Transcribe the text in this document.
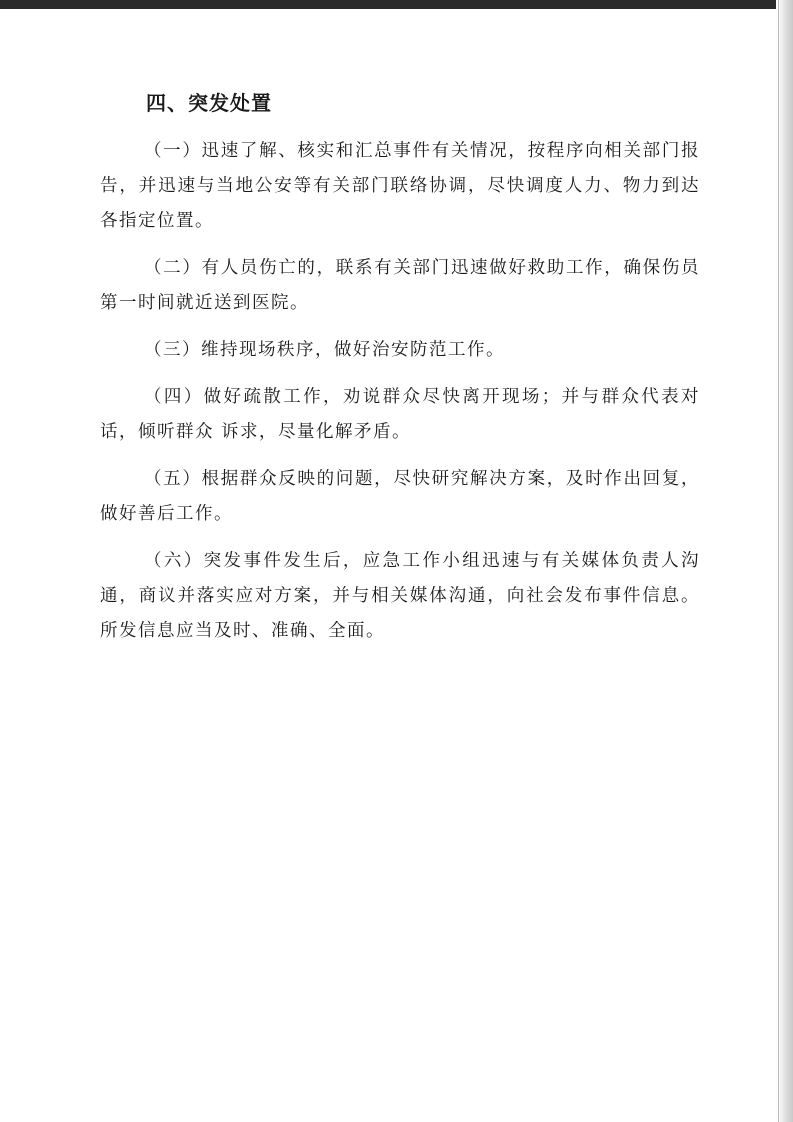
四、突发处置

（一）迅速了解、核实和汇总事件有关情况，按程序向相关部门报告，并迅速与当地公安等有关部门联络协调，尽快调度人力、物力到达各指定位置。

（二）有人员伤亡的，联系有关部门迅速做好救助工作，确保伤员第一时间就近送到医院。

（三）维持现场秩序，做好治安防范工作。

（四）做好疏散工作，劝说群众尽快离开现场；并与群众代表对话，倾听群众 诉求，尽量化解矛盾。

（五）根据群众反映的问题，尽快研究解决方案，及时作出回复，做好善后工作。

（六）突发事件发生后，应急工作小组迅速与有关媒体负责人沟通，商议并落实应对方案，并与相关媒体沟通，向社会发布事件信息。所发信息应当及时、准确、全面。
